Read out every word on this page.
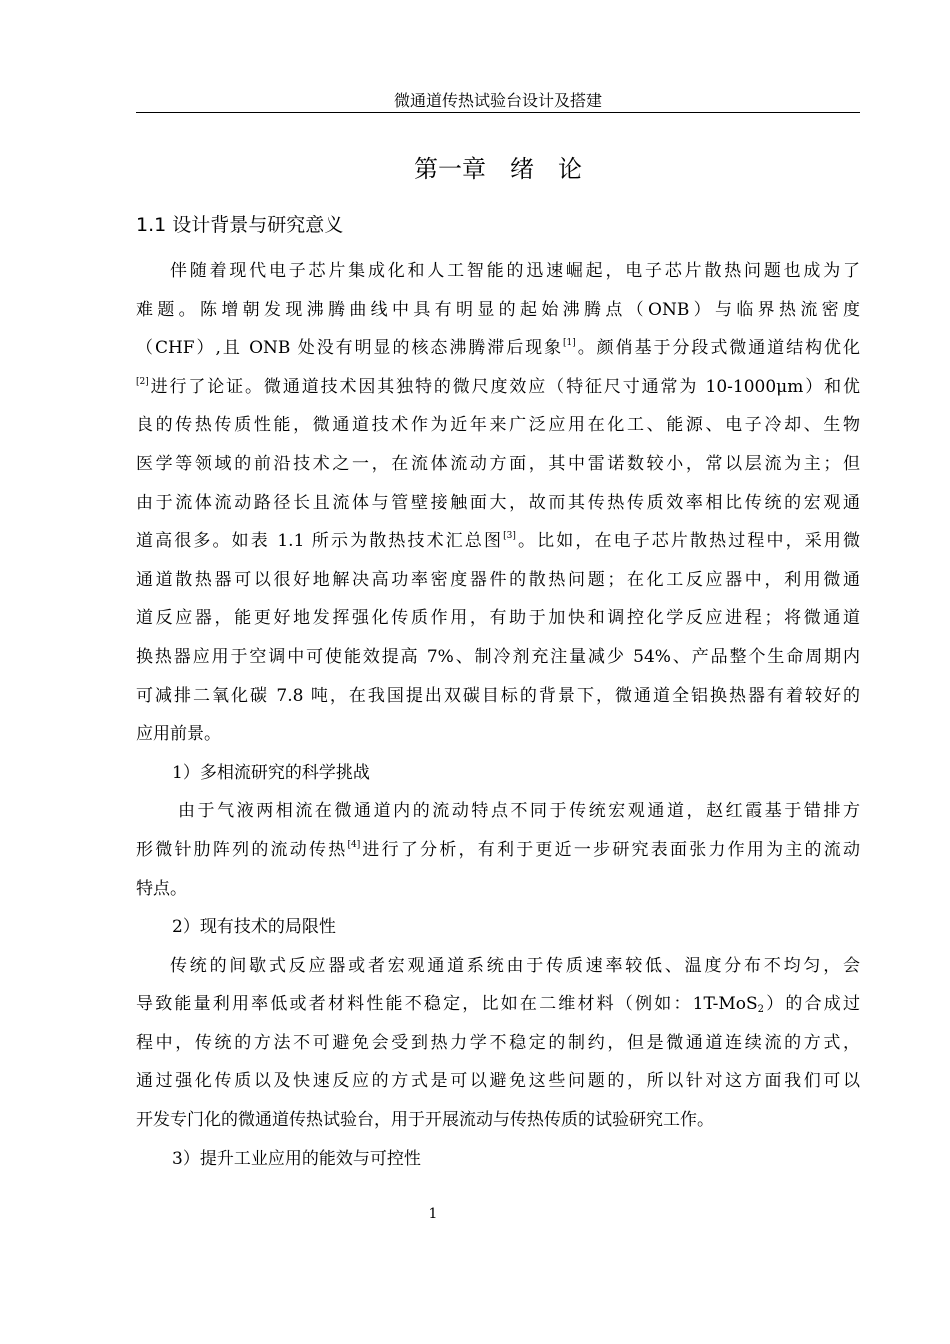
微通道传热试验台设计及搭建
第一章　绪　论
1.1 设计背景与研究意义
伴随着现代电子芯片集成化和人工智能的迅速崛起，电子芯片散热问题也成为了
难题。陈增朝发现沸腾曲线中具有明显的起始沸腾点（ONB）与临界热流密度
（CHF）,且 ONB 处没有明显的核态沸腾滞后现象[1]。颜俏基于分段式微通道结构优化
[2]进行了论证。微通道技术因其独特的微尺度效应（特征尺寸通常为 10-1000μm）和优
良的传热传质性能，微通道技术作为近年来广泛应用在化工、能源、电子冷却、生物
医学等领域的前沿技术之一，在流体流动方面，其中雷诺数较小，常以层流为主；但
由于流体流动路径长且流体与管壁接触面大，故而其传热传质效率相比传统的宏观通
道高很多。如表 1.1 所示为散热技术汇总图[3]。比如，在电子芯片散热过程中，采用微
通道散热器可以很好地解决高功率密度器件的散热问题；在化工反应器中，利用微通
道反应器，能更好地发挥强化传质作用，有助于加快和调控化学反应进程；将微通道
换热器应用于空调中可使能效提高 7%、制冷剂充注量减少 54%、产品整个生命周期内
可减排二氧化碳 7.8 吨，在我国提出双碳目标的背景下，微通道全铝换热器有着较好的
应用前景。
1）多相流研究的科学挑战
由于气液两相流在微通道内的流动特点不同于传统宏观通道，赵红霞基于错排方
形微针肋阵列的流动传热[4]进行了分析，有利于更近一步研究表面张力作用为主的流动
特点。
2）现有技术的局限性
传统的间歇式反应器或者宏观通道系统由于传质速率较低、温度分布不均匀，会
导致能量利用率低或者材料性能不稳定，比如在二维材料（例如：1T-MoS$_2$）的合成过
程中，传统的方法不可避免会受到热力学不稳定的制约，但是微通道连续流的方式，
通过强化传质以及快速反应的方式是可以避免这些问题的，所以针对这方面我们可以
开发专门化的微通道传热试验台，用于开展流动与传热传质的试验研究工作。
3）提升工业应用的能效与可控性
1
